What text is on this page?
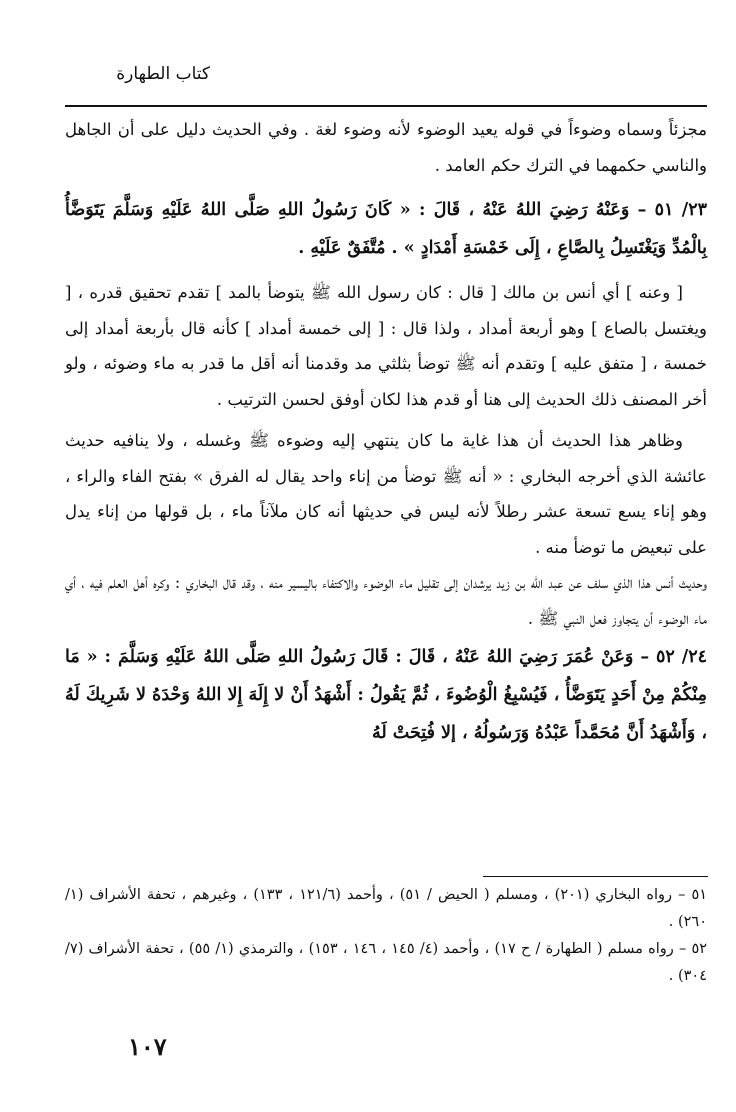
كتاب الطهارة

مجزئاً وسماه وضوءاً في قوله يعيد الوضوء لأنه وضوء لغة . وفي الحديث دليل على أن الجاهل والناسي حكمهما في الترك حكم العامد .

٢٣/ ٥١ – وَعَنْهُ رَضِيَ اللهُ عَنْهُ ، قَالَ : « كَانَ رَسُولُ اللهِ صَلَّى اللهُ عَلَيْهِ وَسَلَّمَ يَتَوَضَّأُ بِالْمُدِّ وَيَغْتَسِلُ بِالصَّاعِ ، إِلَى خَمْسَةِ أَمْدَادٍ » . مُتَّفَقٌ عَلَيْهِ .

[ وعنه ] أي أنس بن مالك [ قال : كان رسول الله ﷺ يتوضأ بالمد ] تقدم تحقيق قدره ، [ ويغتسل بالصاع ] وهو أربعة أمداد ، ولذا قال : [ إلى خمسة أمداد ] كأنه قال بأربعة أمداد إلى خمسة ، [ متفق عليه ] وتقدم أنه ﷺ توضأ بثلثي مد وقدمنا أنه أقل ما قدر به ماء وضوئه ، ولو أخر المصنف ذلك الحديث إلى هنا أو قدم هذا لكان أوفق لحسن الترتيب .

وظاهر هذا الحديث أن هذا غاية ما كان ينتهي إليه وضوءه ﷺ وغسله ، ولا ينافيه حديث عائشة الذي أخرجه البخاري : « أنه ﷺ توضأ من إناء واحد يقال له الفرق » بفتح الفاء والراء ، وهو إناء يسع تسعة عشر رطلاً لأنه ليس في حديثها أنه كان ملآناً ماء ، بل قولها من إناء يدل على تبعيض ما توضأ منه .

وحديث أنس هذا الذي سلف عن عبد الله بن زيد يرشدان إلى تقليل ماء الوضوء والاكتفاء باليسير منه ، وقد قال البخاري : وكره أهل العلم فيه ، أي ماء الوضوء أن يتجاوز فعل النبي ﷺ .

٢٤/ ٥٢ – وَعَنْ عُمَرَ رَضِيَ اللهُ عَنْهُ ، قَالَ : قَالَ رَسُولُ اللهِ صَلَّى اللهُ عَلَيْهِ وَسَلَّمَ : « مَا مِنْكُمْ مِنْ أَحَدٍ يَتَوَضَّأُ ، فَيُسْبِغُ الْوُضُوءَ ، ثُمَّ يَقُولُ : أَشْهَدُ أَنْ لا إِلَهَ إِلا اللهُ وَحْدَهُ لا شَرِيكَ لَهُ ، وَأَشْهَدُ أَنَّ مُحَمَّداً عَبْدُهُ وَرَسُولُهُ ، إلا فُتِحَتْ لَهُ

٥١ – رواه البخاري (٢٠١) ، ومسلم ( الحيض / ٥١) ، وأحمد (١٢١/٦ ، ١٣٣) ، وغيرهم ، تحفة الأشراف (١/ ٢٦٠) .

٥٢ – رواه مسلم ( الطهارة / ح ١٧) ، وأحمد (٤/ ١٤٥ ، ١٤٦ ، ١٥٣) ، والترمذي (١/ ٥٥) ، تحفة الأشراف (٧/ ٣٠٤) .

١٠٧
